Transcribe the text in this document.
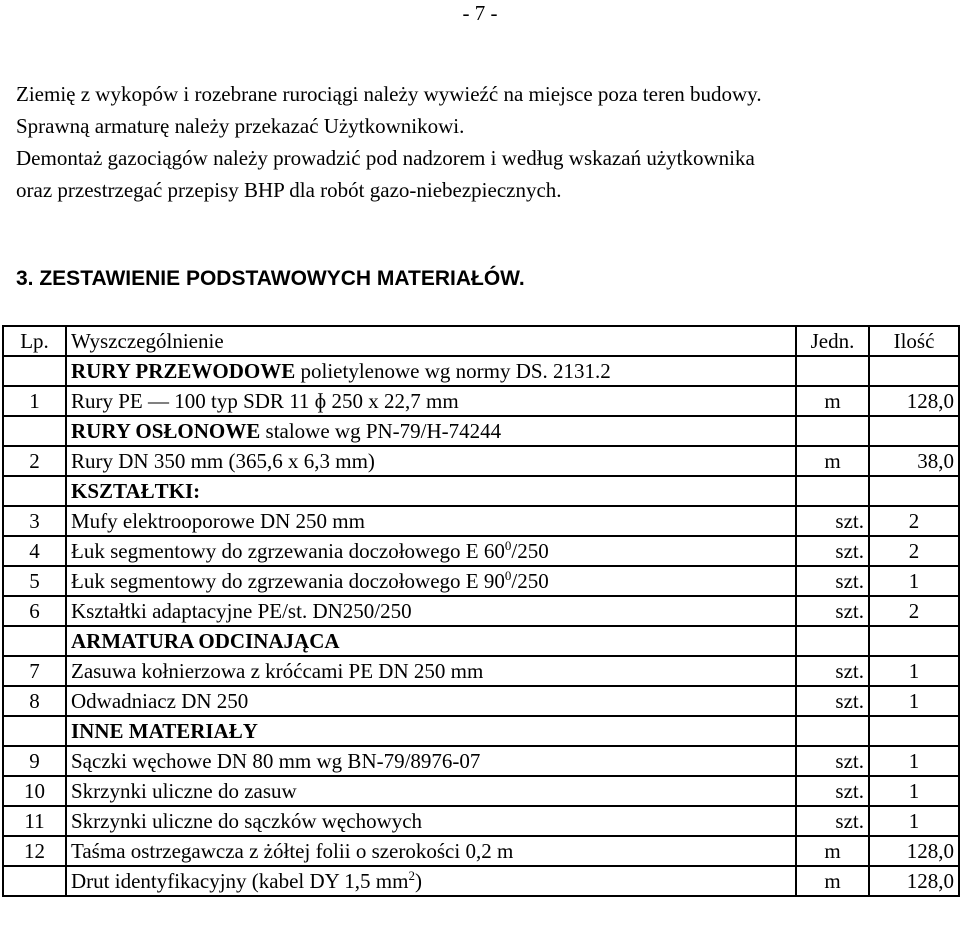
- 7 -

Ziemię z wykopów i rozebrane rurociągi należy wywieźć na miejsce poza teren budowy.

Sprawną armaturę należy przekazać Użytkownikowi.

Demontaż gazociągów należy prowadzić pod nadzorem i według wskazań użytkownika

oraz przestrzegać przepisy BHP dla robót gazo-niebezpiecznych.

3. ZESTAWIENIE PODSTAWOWYCH MATERIAŁÓW.
Lp.	Wyszczególnienie	Jedn.	Ilość
	RURY PRZEWODOWE polietylenowe wg normy DS. 2131.2		
1	Rury PE — 100 typ SDR 11 ɸ 250 x 22,7 mm	m	128,0
	RURY OSŁONOWE stalowe wg PN-79/H-74244		
2	Rury DN 350 mm (365,6 x 6,3 mm)	m	38,0
	KSZTAŁTKI:		
3	Mufy elektrooporowe DN 250 mm	szt.	2
4	Łuk segmentowy do zgrzewania doczołowego E $60^0/250$	szt.	2
5	Łuk segmentowy do zgrzewania doczołowego E $90^0/250$	szt.	1
6	Kształtki adaptacyjne PE/st. DN250/250	szt.	2
	ARMATURA ODCINAJĄCA		
7	Zasuwa kołnierzowa z króćcami PE DN 250 mm	szt.	1
8	Odwadniacz DN 250	szt.	1
	INNE MATERIAŁY		
9	Sączki węchowe DN 80 mm wg BN-79/8976-07	szt.	1
10	Skrzynki uliczne do zasuw	szt.	1
11	Skrzynki uliczne do sączków węchowych	szt.	1
12	Taśma ostrzegawcza z żółtej folii o szerokości 0,2 m	m	128,0
	Drut identyfikacyjny (kabel DY 1,5 $mm^2$)	m	128,0
